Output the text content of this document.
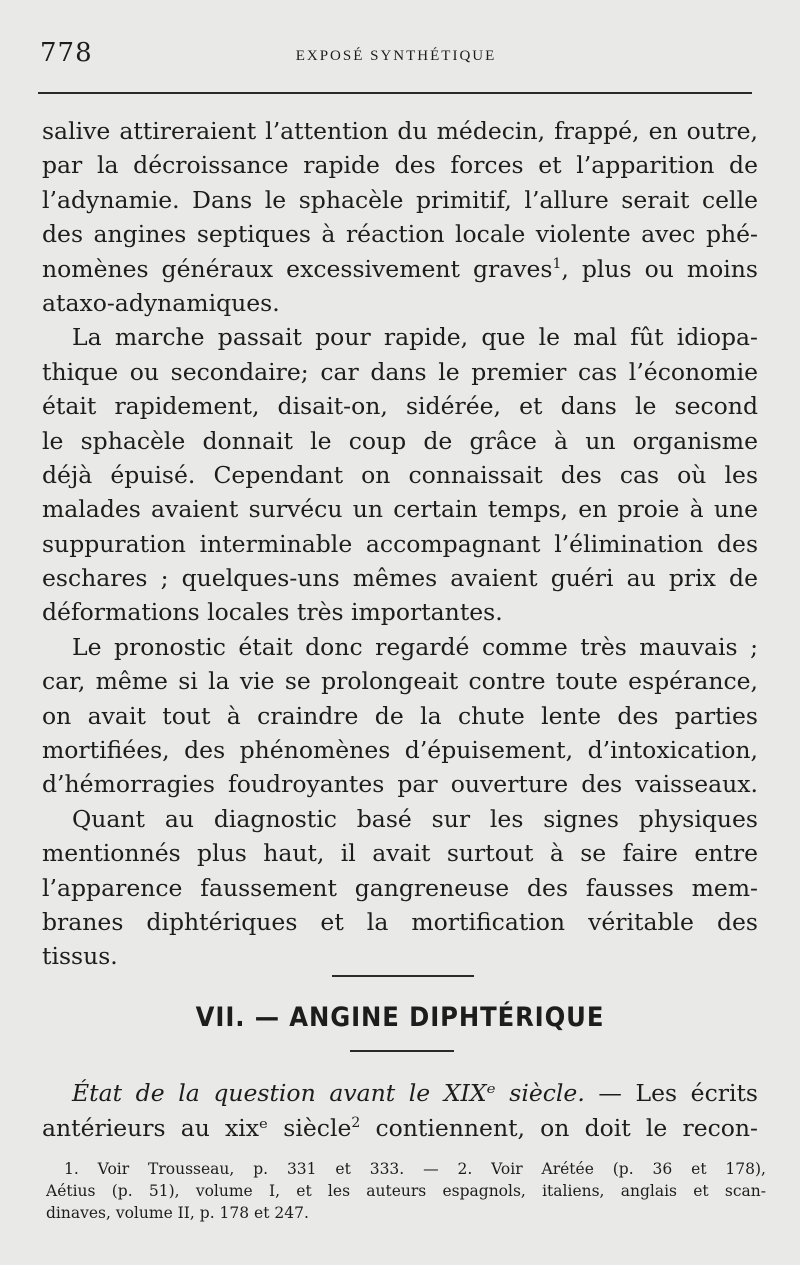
778	EXPOSÉ SYNTHÉTIQUE
salive attireraient l’attention du médecin, frappé, en outre,
par la décroissance rapide des forces et l’apparition de
l’adynamie. Dans le sphacèle primitif, l’allure serait celle
des angines septiques à réaction locale violente avec phé-
nomènes généraux excessivement graves$^1$, plus ou moins
ataxo-adynamiques.
La marche passait pour rapide, que le mal fût idiopa-
thique ou secondaire; car dans le premier cas l’économie
était rapidement, disait-on, sidérée, et dans le second
le sphacèle donnait le coup de grâce à un organisme
déjà épuisé. Cependant on connaissait des cas où les
malades avaient survécu un certain temps, en proie à une
suppuration interminable accompagnant l’élimination des
eschares ; quelques-uns mêmes avaient guéri au prix de
déformations locales très importantes.
Le pronostic était donc regardé comme très mauvais ;
car, même si la vie se prolongeait contre toute espérance,
on avait tout à craindre de la chute lente des parties
mortifiées, des phénomènes d’épuisement, d’intoxication,
d’hémorragies foudroyantes par ouverture des vaisseaux.
Quant au diagnostic basé sur les signes physiques
mentionnés plus haut, il avait surtout à se faire entre
l’apparence faussement gangreneuse des fausses mem-
branes diphtériques et la mortification véritable des
tissus.
VII. — ANGINE DIPHTÉRIQUE
État de la question avant le XIXᵉ siècle. — Les écrits
antérieurs au xixᵉ siècle$^2$ contiennent, on doit le recon-
1. Voir Trousseau, p. 331 et 333. — 2. Voir Arétée (p. 36 et 178),
Aétius (p. 51), volume I, et les auteurs espagnols, italiens, anglais et scan-
dinaves, volume II, p. 178 et 247.
